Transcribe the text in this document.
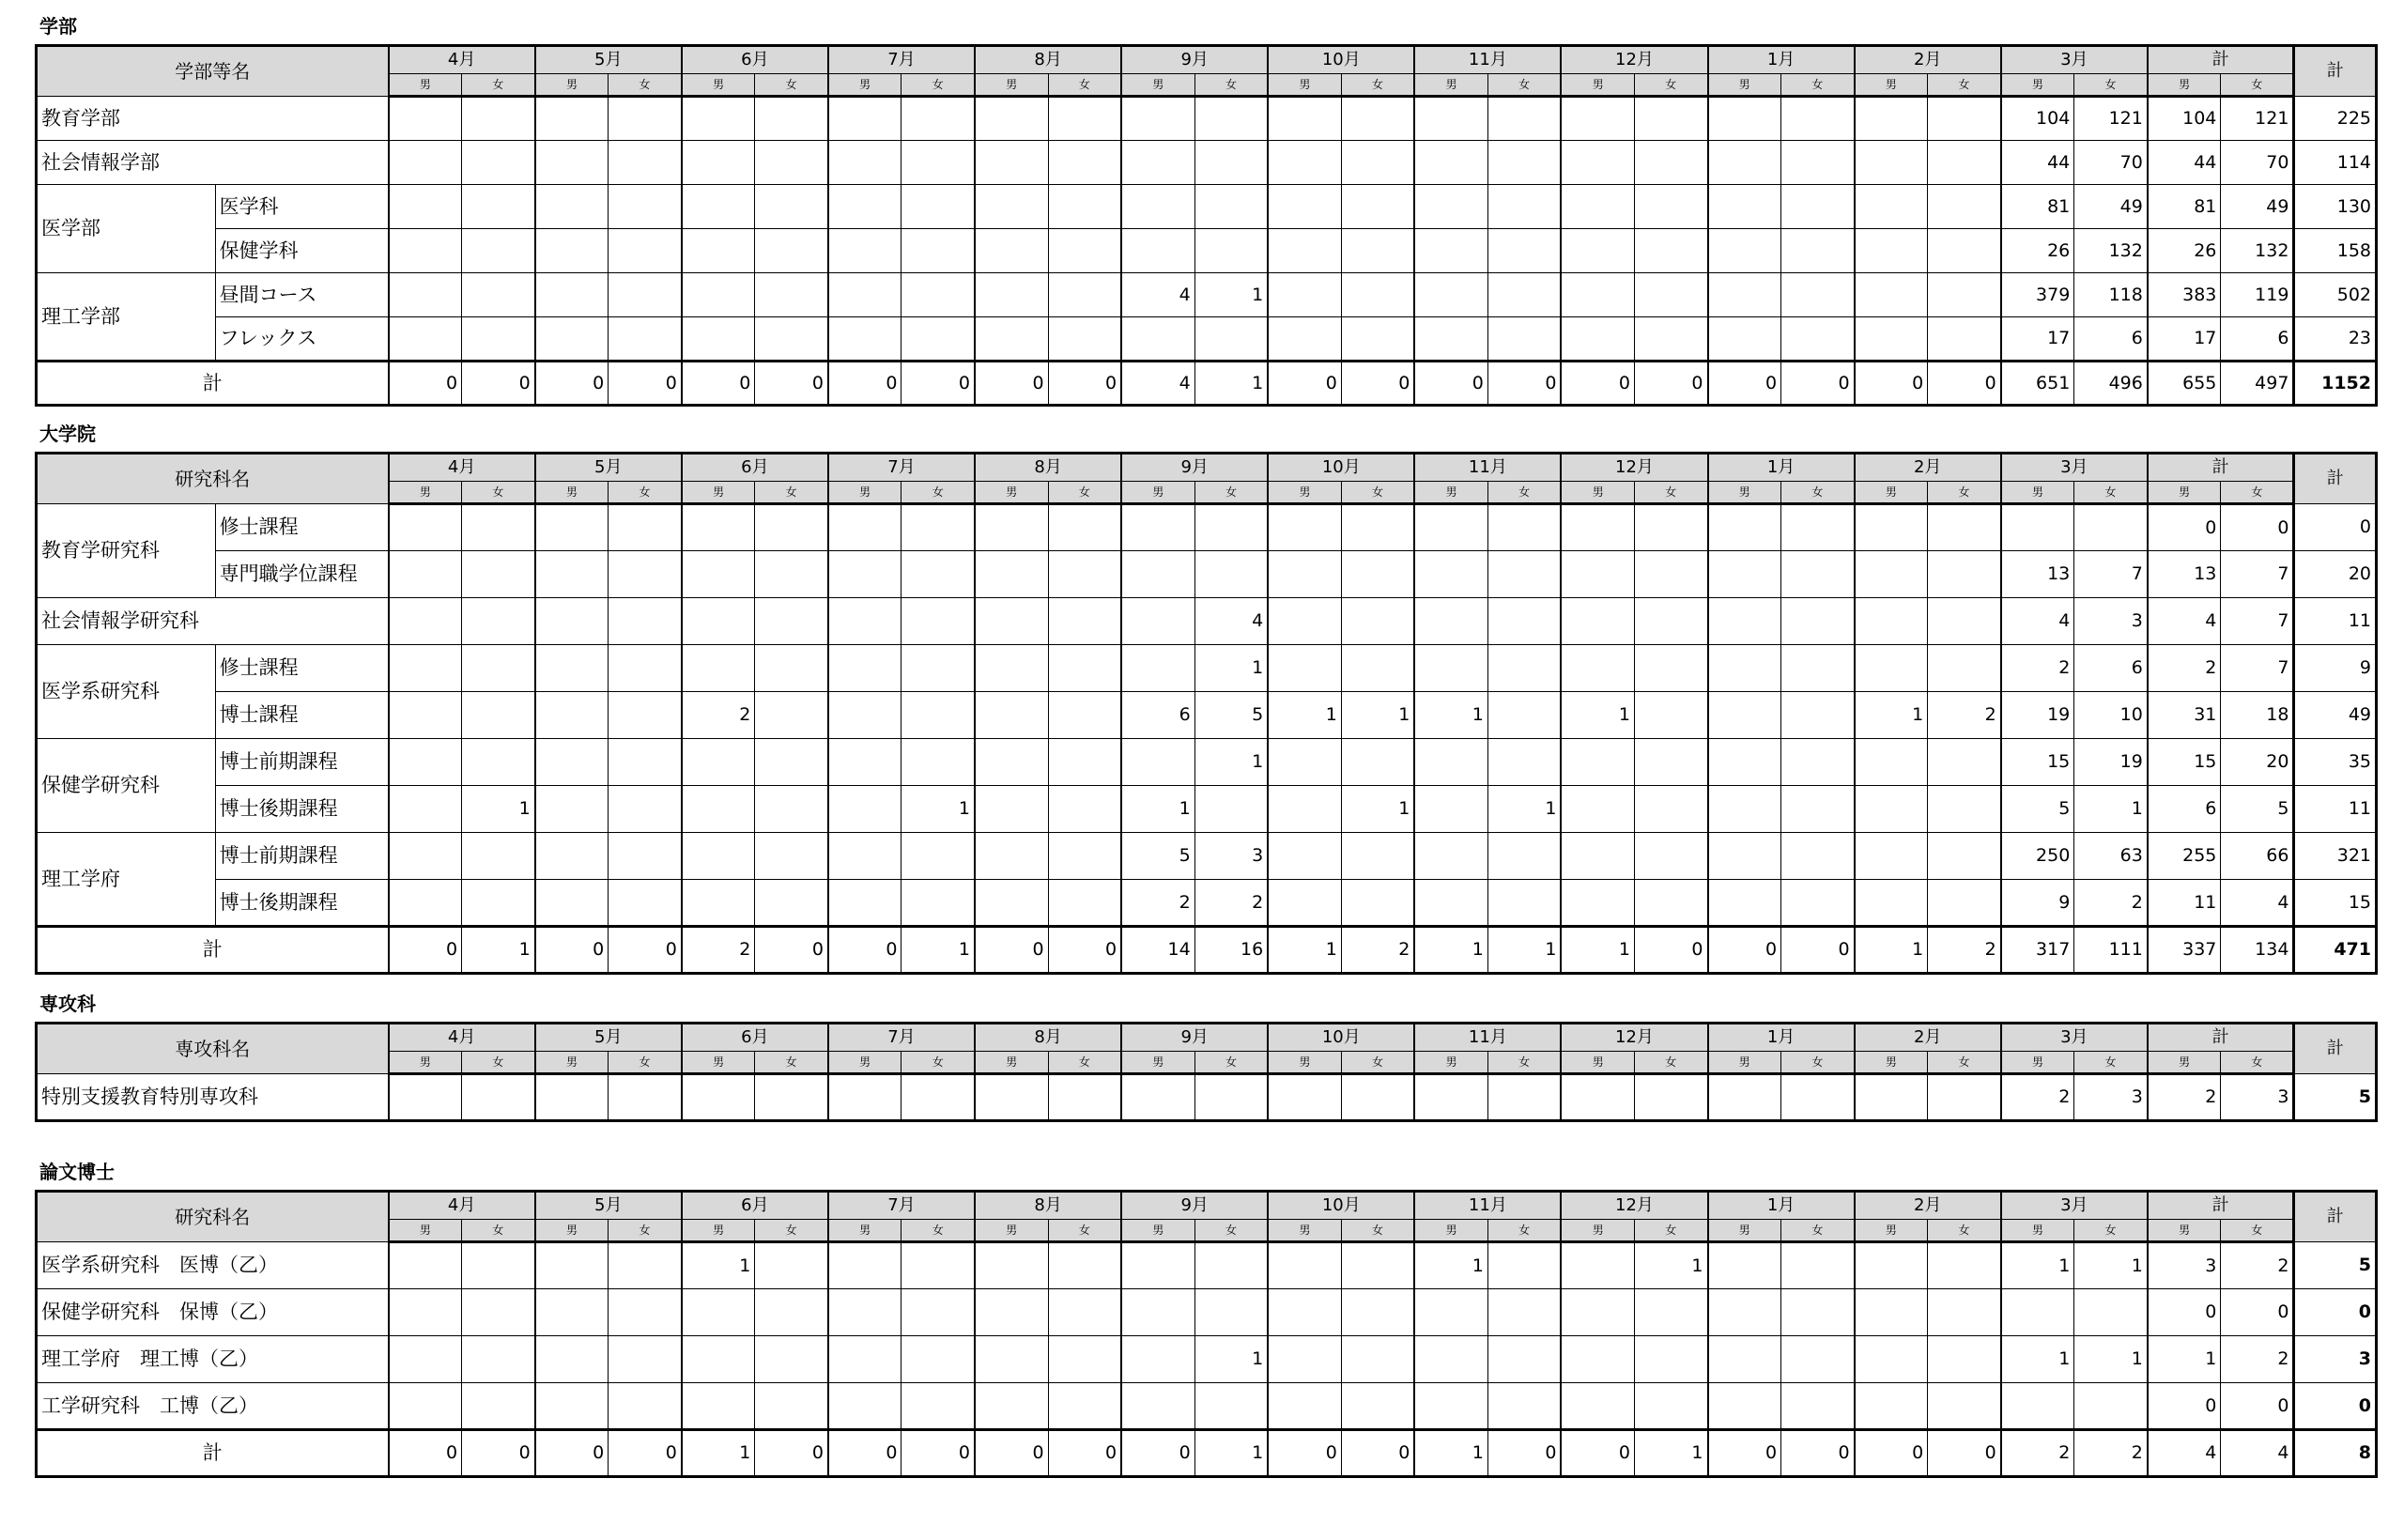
学部
学部等名		4月		5月		6月		7月		8月		9月		10月		11月		12月		1月		2月		3月		計		計
		男	女	男	女	男	女	男	女	男	女	男	女	男	女	男	女	男	女	男	女	男	女	男	女	男	女	
教育学部																								104	121	104	121	225
社会情報学部																								44	70	44	70	114
医学部	医学科																							81	49	81	49	130
	保健学科																							26	132	26	132	158
理工学部	昼間コース											4	1											379	118	383	119	502
	フレックス																							17	6	17	6	23
計		0	0	0	0	0	0	0	0	0	0	4	1	0	0	0	0	0	0	0	0	0	0	651	496	655	497	1152
大学院
研究科名		4月		5月		6月		7月		8月		9月		10月		11月		12月		1月		2月		3月		計		計
		男	女	男	女	男	女	男	女	男	女	男	女	男	女	男	女	男	女	男	女	男	女	男	女	男	女	
教育学研究科	修士課程																									0	0	0
	専門職学位課程																							13	7	13	7	20
社会情報学研究科													4											4	3	4	7	11
医学系研究科	修士課程												1											2	6	2	7	9
	博士課程					2						6	5	1	1	1		1				1	2	19	10	31	18	49
保健学研究科	博士前期課程												1											15	19	15	20	35
	博士後期課程		1						1			1			1		1							5	1	6	5	11
理工学府	博士前期課程											5	3											250	63	255	66	321
	博士後期課程											2	2											9	2	11	4	15
計		0	1	0	0	2	0	0	1	0	0	14	16	1	2	1	1	1	0	0	0	1	2	317	111	337	134	471
専攻科
専攻科名	4月		5月		6月		7月		8月		9月		10月		11月		12月		1月		2月		3月		計		計
	男	女	男	女	男	女	男	女	男	女	男	女	男	女	男	女	男	女	男	女	男	女	男	女	男	女	
特別支援教育特別専攻科																							2	3	2	3	5
論文博士
研究科名	4月		5月		6月		7月		8月		9月		10月		11月		12月		1月		2月		3月		計		計
	男	女	男	女	男	女	男	女	男	女	男	女	男	女	男	女	男	女	男	女	男	女	男	女	男	女	
医学系研究科　医博（乙）					1										1			1					1	1	3	2	5
保健学研究科　保博（乙）																									0	0	0
理工学府　理工博（乙）												1											1	1	1	2	3
工学研究科　工博（乙）																									0	0	0
計	0	0	0	0	1	0	0	0	0	0	0	1	0	0	1	0	0	1	0	0	0	0	2	2	4	4	8
